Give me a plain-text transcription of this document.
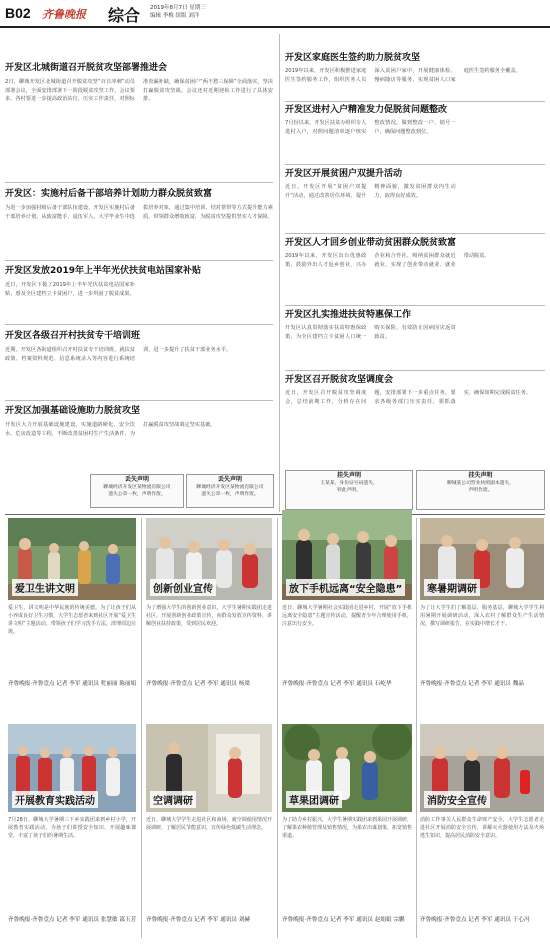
B02 齐鲁晚报 综合 2019年8月7日 星期三
编辑 李梅 组版 刘洋
开发区北城街道召开脱贫攻坚部署推进会
2日，聊城开发区北城街道召开脱贫攻坚“百日冲刺”动员部署会议，全面安排部署下一阶段脱贫攻坚工作。会议要求，各村要进一步提高政治站位，压实工作责任，对照标准查漏补缺，确保贫困户“两不愁三保障”全面落实，坚决打赢脱贫攻坚战。会议还对近期迎检工作进行了具体安排。
开发区：实施村后备干部培养计划助力群众脱贫致富
为进一步加强村级后备干部队伍建设，开发区实施村后备干部培养计划，从致富能手、退伍军人、大学毕业生中选拔培养对象，通过集中培训、结对帮带等方式提升能力素质，带领群众增收致富，为脱贫攻坚提供坚实人才保障。
开发区发放2019年上半年光伏扶贫电站国家补贴
近日，开发区下拨了2019年上半年光伏扶贫电站国家补贴，惠及全区建档立卡贫困户，进一步巩固了脱贫成果。
开发区各级召开村扶贫专干培训班
近期，开发区各街道组织召开村扶贫专干培训班，就扶贫政策、档案资料规范、信息系统录入等内容进行系统培训，进一步提升了扶贫干部业务水平。
开发区加强基础设施助力脱贫攻坚
开发区大力开展基础设施建设，实施道路硬化、安全饮水、危房改造等工程，不断改善贫困村生产生活条件，为打赢脱贫攻坚战奠定坚实基础。
丢失声明
聊城经济开发区某物流有限公司
遗失公章一枚，声明作废。
丢失声明
聊城经济开发区某物流有限公司
遗失公章一枚，声明作废。
开发区家庭医生签约助力脱贫攻坚
2019年以来，开发区积极推进家庭医生签约服务工作，组织医务人员深入贫困户家中，开展健康体检、慢病随访等服务，实现贫困人口家庭医生签约服务全覆盖。
开发区进村入户精准发力促脱贫问题整改
7月份以来，开发区扶贫办组织专人进村入户，对照问题清单逐户核实整改情况，做到整改一户、销号一户，确保问题整改到位。
开发区开展贫困户双提升活动
近日，开发区开展“贫困户双提升”活动，通过改善居住环境、提升精神面貌，激发贫困群众内生动力，取得良好成效。
开发区人才回乡创业带动贫困群众脱贫致富
2019年以来，开发区出台优惠政策，鼓励外出人才返乡创业，兴办企业和合作社，吸纳贫困群众就近就业，实现了创业带动就业、就业带动脱贫。
开发区扎实推进扶贫特惠保工作
开发区认真贯彻落实扶贫特惠保政策，为全区建档立卡贫困人口统一购买保险，有效防止因病因灾返贫致贫。
开发区召开脱贫攻坚调度会
近日，开发区召开脱贫攻坚调度会，总结前期工作，分析存在问题，安排部署下一步重点任务，要求各级各部门压实责任，狠抓落实，确保如期完成脱贫任务。
挂失声明
王某某，身份证号码遗失，
特此声明。
挂失声明
聊城某公司营业执照副本遗失，
声明作废。
爱卫生讲文明	创新创业宣传	放下手机远离“安全隐患”	寒暑期调研
爱卫生，讲文明是中华民族的传统美德。为了让孩子们从小养成良好卫生习惯，大学生志愿者来到社区开展“爱卫生讲文明”主题活动，带领孩子们学习洗手方法，清理周边垃圾。
齐鲁晚报·齐鲁壹点 记者 李军 通讯员 牝丽丽 陈丽娟
为了增强大学生的创新创业意识，大学生暑期实践团走进社区，开展创新创业政策宣传，向群众发放宣传资料，讲解创业扶持政策，受到居民欢迎。
齐鲁晚报·齐鲁壹点 记者 李军 通讯员 杨梁
近日，聊城大学暑期社会实践团走进乡村，开展“放下手机远离安全隐患”主题宣传活动，提醒青少年合理使用手机，注意出行安全。
齐鲁晚报·齐鲁壹点 记者 李军 通讯员 石屹华
为了让大学生们了解基层、服务基层，聊城大学学生利用暑期开展调研活动，深入农村了解群众生产生活情况，撰写调研报告，在实践中增长才干。
齐鲁晚报·齐鲁壹点 记者 李军 通讯员 魏晶
开展教育实践活动	空调调研	草果团调研	消防安全宣传
7月28日，聊城大学暑期三下乡实践团来到乡村小学，开展教育实践活动，为孩子们讲授安全知识、开展趣味课堂，丰富了孩子们的暑期生活。
齐鲁晚报·齐鲁壹点 记者 李军 通讯员 张慧敏 邵玉芳
近日，聊城大学学生走进社区和商场，就空调使用情况开展调研，了解居民节能意识，宣传绿色低碳生活理念。
齐鲁晚报·齐鲁壹点 记者 李军 通讯员 刘赫
为了助力乡村振兴，大学生暑期实践团来到果园开展调研，了解果农种植管理及销售情况，为果农出谋划策，拓宽销售渠道。
齐鲁晚报·齐鲁壹点 记者 李军 通讯员 赵娟娟 宗鹏
消防工作事关人民群众生命财产安全，大学生志愿者走进社区开展消防安全宣传，讲解灭火器使用方法及火场逃生知识，提高居民消防安全意识。
齐鲁晚报·齐鲁壹点 记者 李军 通讯员 于心冯
